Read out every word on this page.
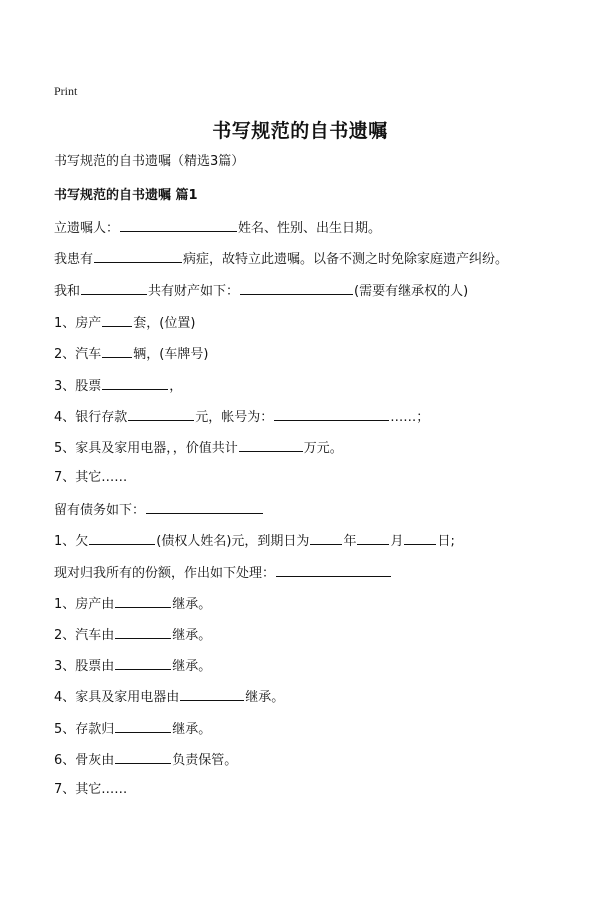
Print
书写规范的自书遗嘱
书写规范的自书遗嘱（精选3篇）
书写规范的自书遗嘱 篇1
立遗嘱人：	姓名、性别、出生日期。
我患有	病症，故特立此遗嘱。以备不测之时免除家庭遗产纠纷。
我和	共有财产如下：	(需要有继承权的人)
1、房产 套，(位置)
2、汽车 辆，(车牌号)
3、股票	，
4、银行存款	元，帐号为：	……；
5、家具及家用电器，，价值共计	万元。
7、其它……
留有债务如下：
1、欠	(债权人姓名)元，到期日为	年	月	日;
现对归我所有的份额，作出如下处理：
1、房产由	继承。
2、汽车由	继承。
3、股票由	继承。
4、家具及家用电器由	继承。
5、存款归	继承。
6、骨灰由	负责保管。
7、其它……
